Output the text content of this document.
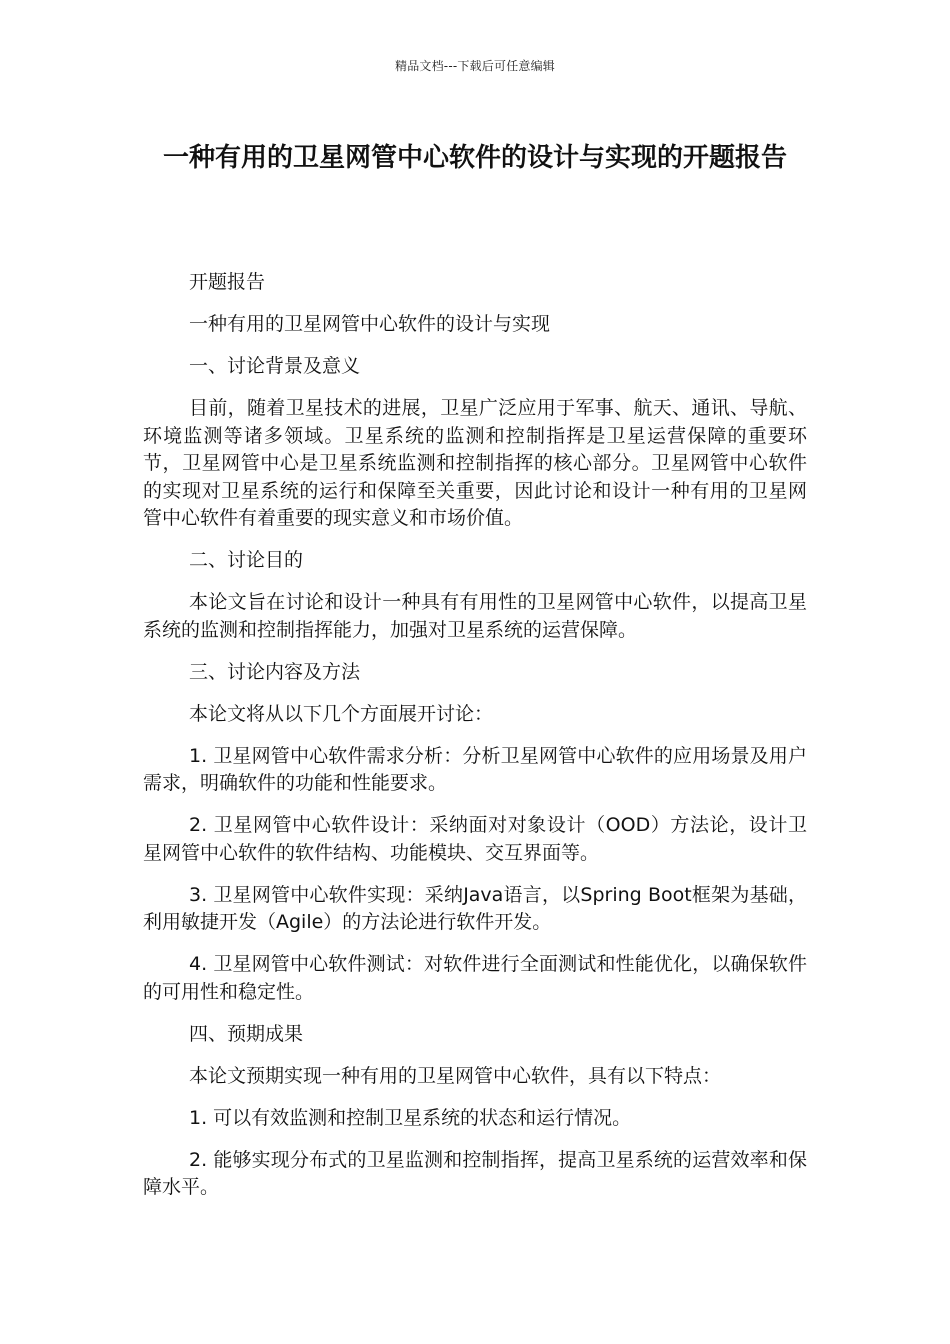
精品文档---下载后可任意编辑
一种有用的卫星网管中心软件的设计与实现的开题报告

开题报告

一种有用的卫星网管中心软件的设计与实现

一、讨论背景及意义

目前，随着卫星技术的进展，卫星广泛应用于军事、航天、通讯、导航、环境监测等诸多领域。卫星系统的监测和控制指挥是卫星运营保障的重要环节，卫星网管中心是卫星系统监测和控制指挥的核心部分。卫星网管中心软件的实现对卫星系统的运行和保障至关重要，因此讨论和设计一种有用的卫星网管中心软件有着重要的现实意义和市场价值。

二、讨论目的

本论文旨在讨论和设计一种具有有用性的卫星网管中心软件，以提高卫星系统的监测和控制指挥能力，加强对卫星系统的运营保障。

三、讨论内容及方法

本论文将从以下几个方面展开讨论：

1. 卫星网管中心软件需求分析：分析卫星网管中心软件的应用场景及用户需求，明确软件的功能和性能要求。

2. 卫星网管中心软件设计：采纳面对对象设计（OOD）方法论，设计卫星网管中心软件的软件结构、功能模块、交互界面等。

3. 卫星网管中心软件实现：采纳Java语言，以Spring Boot框架为基础，利用敏捷开发（Agile）的方法论进行软件开发。

4. 卫星网管中心软件测试：对软件进行全面测试和性能优化，以确保软件的可用性和稳定性。

四、预期成果

本论文预期实现一种有用的卫星网管中心软件，具有以下特点：

1. 可以有效监测和控制卫星系统的状态和运行情况。

2. 能够实现分布式的卫星监测和控制指挥，提高卫星系统的运营效率和保障水平。
